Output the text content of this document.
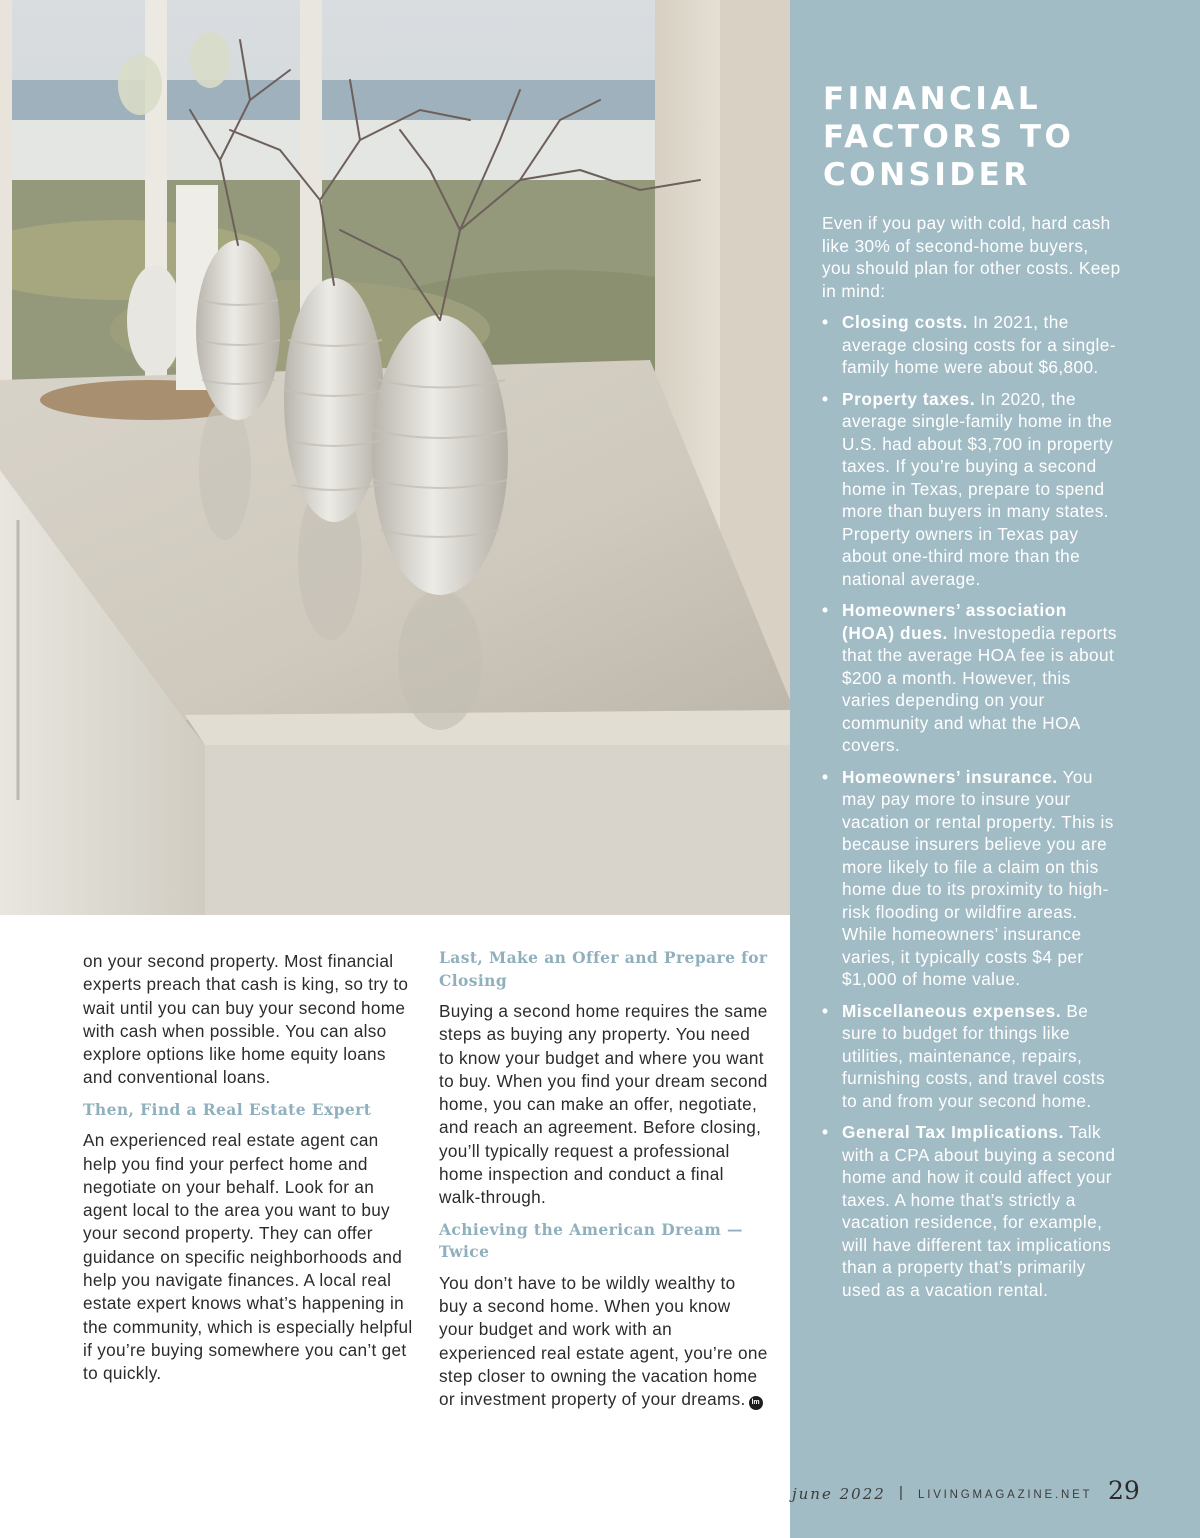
on your second property. Most financial experts preach that cash is king, so try to wait until you can buy your second home with cash when possible. You can also explore options like home equity loans and conventional loans.

Then, Find a Real Estate Expert

An experienced real estate agent can help you find your perfect home and negotiate on your behalf. Look for an agent local to the area you want to buy your second property. They can offer guidance on specific neighborhoods and help you navigate finances. A local real estate expert knows what’s happening in the community, which is especially helpful if you’re buying somewhere you can’t get to quickly.

Last, Make an Offer and Prepare for Closing

Buying a second home requires the same steps as buying any property. You need to know your budget and where you want to buy. When you find your dream second home, you can make an offer, negotiate, and reach an agreement. Before closing, you’ll typically request a professional home inspection and conduct a final walk-through.

Achieving the American Dream — Twice

You don’t have to be wildly wealthy to buy a second home. When you know your budget and work with an experienced real estate agent, you’re one step closer to owning the vacation home or investment property of your dreams. lm

FINANCIAL FACTORS TO CONSIDER

Even if you pay with cold, hard cash like 30% of second-home buyers, you should plan for other costs. Keep in mind:

• Closing costs. In 2021, the average closing costs for a single-family home were about $6,800.
• Property taxes. In 2020, the average single-family home in the U.S. had about $3,700 in property taxes. If you’re buying a second home in Texas, prepare to spend more than buyers in many states. Property owners in Texas pay about one-third more than the national average.
• Homeowners’ association (HOA) dues. Investopedia reports that the average HOA fee is about $200 a month. However, this varies depending on your community and what the HOA covers.
• Homeowners’ insurance. You may pay more to insure your vacation or rental property. This is because insurers believe you are more likely to file a claim on this home due to its proximity to high-risk flooding or wildfire areas. While homeowners’ insurance varies, it typically costs $4 per $1,000 of home value.
• Miscellaneous expenses. Be sure to budget for things like utilities, maintenance, repairs, furnishing costs, and travel costs to and from your second home.
• General Tax Implications. Talk with a CPA about buying a second home and how it could affect your taxes. A home that’s strictly a vacation residence, for example, will have different tax implications than a property that’s primarily used as a vacation rental.
june 2022 | LIVINGMAGAZINE.NET 29
